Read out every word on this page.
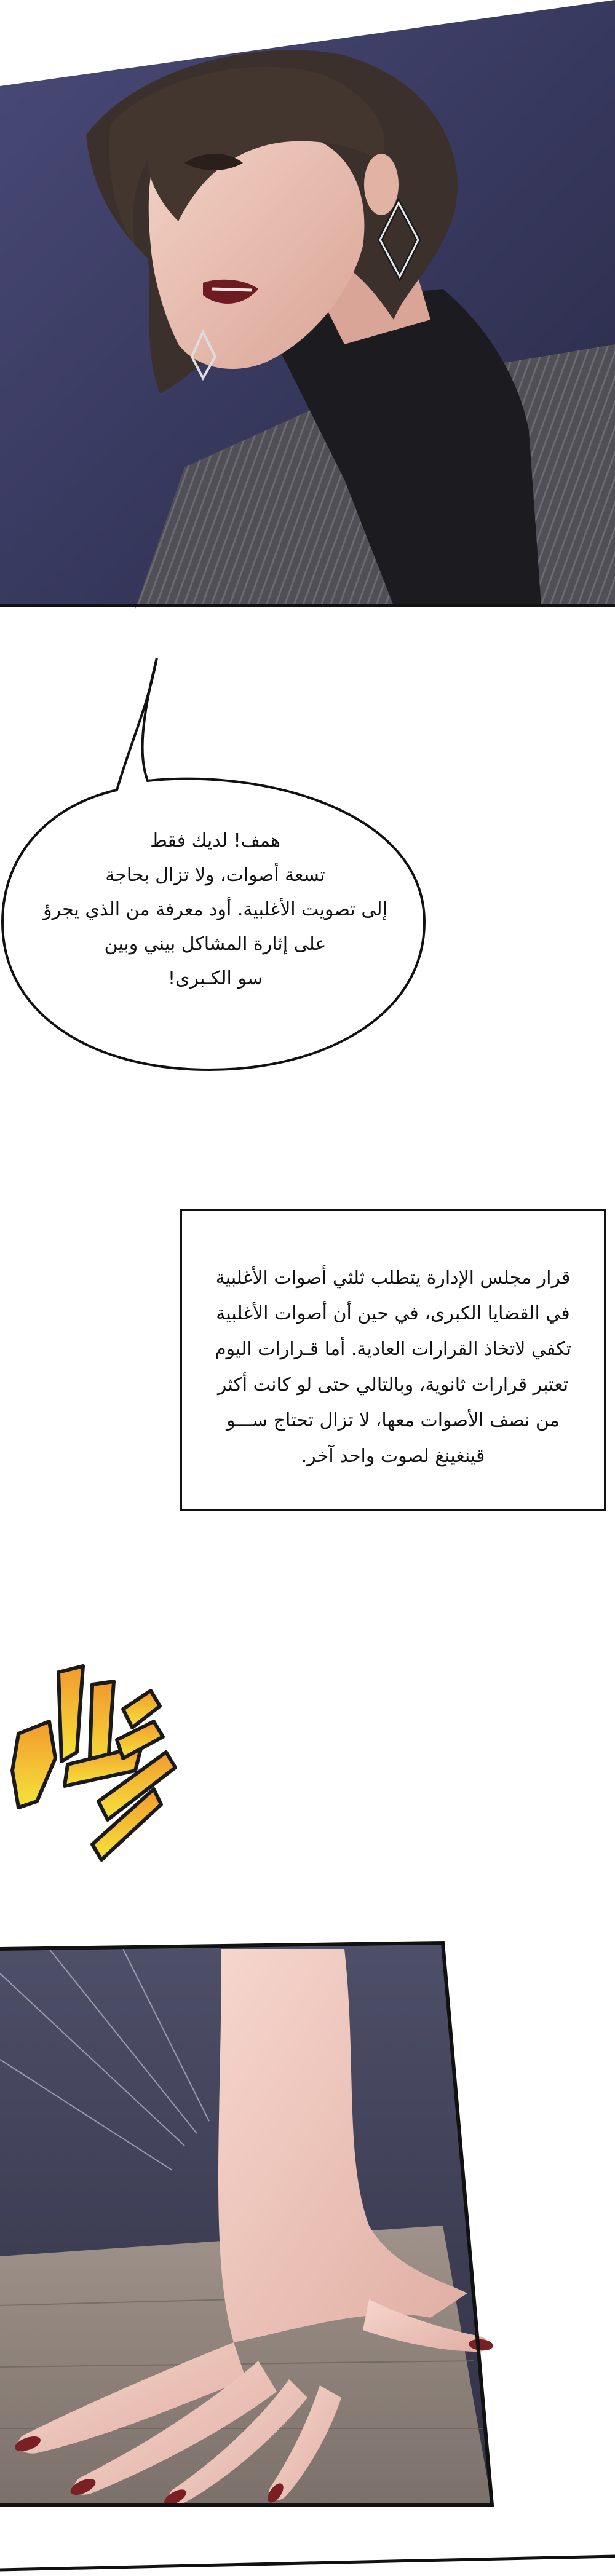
همف! لديك فقط
تسعة أصوات، ولا تزال بحاجة
إلى تصويت الأغلبية. أود معرفة من الذي يجرؤ
على إثارة المشاكل بيني وبين
سو الكـبرى!
قرار مجلس الإدارة يتطلب ثلثي أصوات الأغلبية
في القضايا الكبرى، في حين أن أصوات الأغلبية
تكفي لاتخاذ القرارات العادية. أما قـرارات اليوم
تعتبر قرارات ثانوية، وبالتالي حتى لو كانت أكثر
من نصف الأصوات معها، لا تزال تحتاج ســـو
قينغينغ لصوت واحد آخر.
